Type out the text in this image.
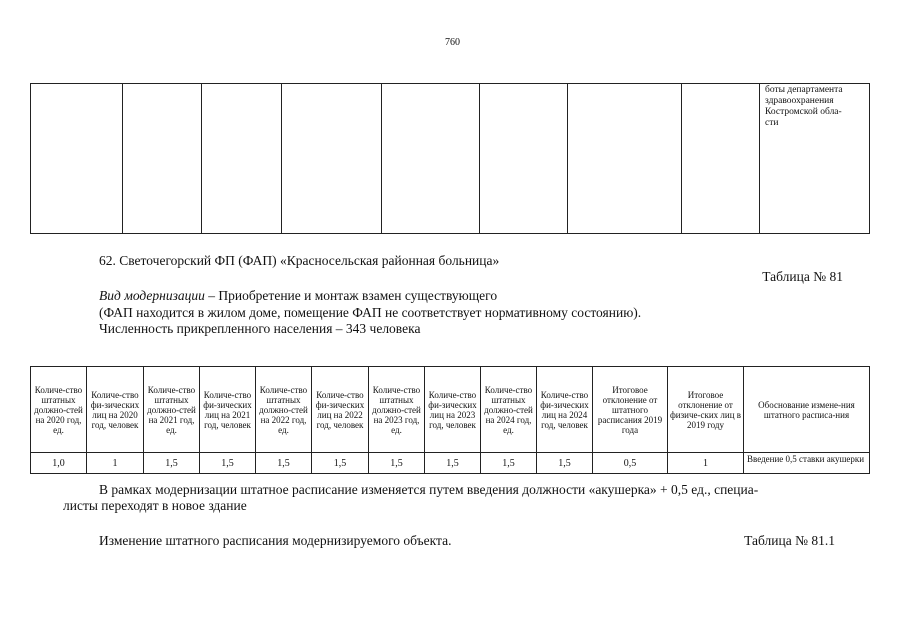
760

боты департамента
здравоохранения
Костромской обла-
сти
62. Светочегорский ФП (ФАП) «Красносельская районная больница»
Таблица № 81
Вид модернизации – Приобретение и монтаж взамен существующего
(ФАП находится в жилом доме, помещение ФАП не соответствует нормативному состоянию).
Численность прикрепленного населения – 343 человека
Количе-ство штатных должно-стей на 2020 год, ед.	Количе-ство фи-зических лиц на 2020 год, человек	Количе-ство штатных должно-стей на 2021 год, ед.	Количе-ство фи-зических лиц на 2021 год, человек	Количе-ство штатных должно-стей на 2022 год, ед.	Количе-ство фи-зических лиц на 2022 год, человек	Количе-ство штатных должно-стей на 2023 год, ед.	Количе-ство фи-зических лиц на 2023 год, человек	Количе-ство штатных должно-стей на 2024 год, ед.	Количе-ство фи-зических лиц на 2024 год, человек	Итоговое отклонение от штатного расписания 2019 года	Итоговое отклонение от физиче-ских лиц в 2019 году	Обоснование измене-ния штатного расписа-ния
1,0	1	1,5	1,5	1,5	1,5	1,5	1,5	1,5	1,5	0,5	1	Введение 0,5 ставки акушерки
В рамках модернизации штатное расписание изменяется путем введения должности «акушерка» + 0,5 ед., специа-
листы переходят в новое здание
Изменение штатного расписания модернизируемого объекта.	Таблица № 81.1
